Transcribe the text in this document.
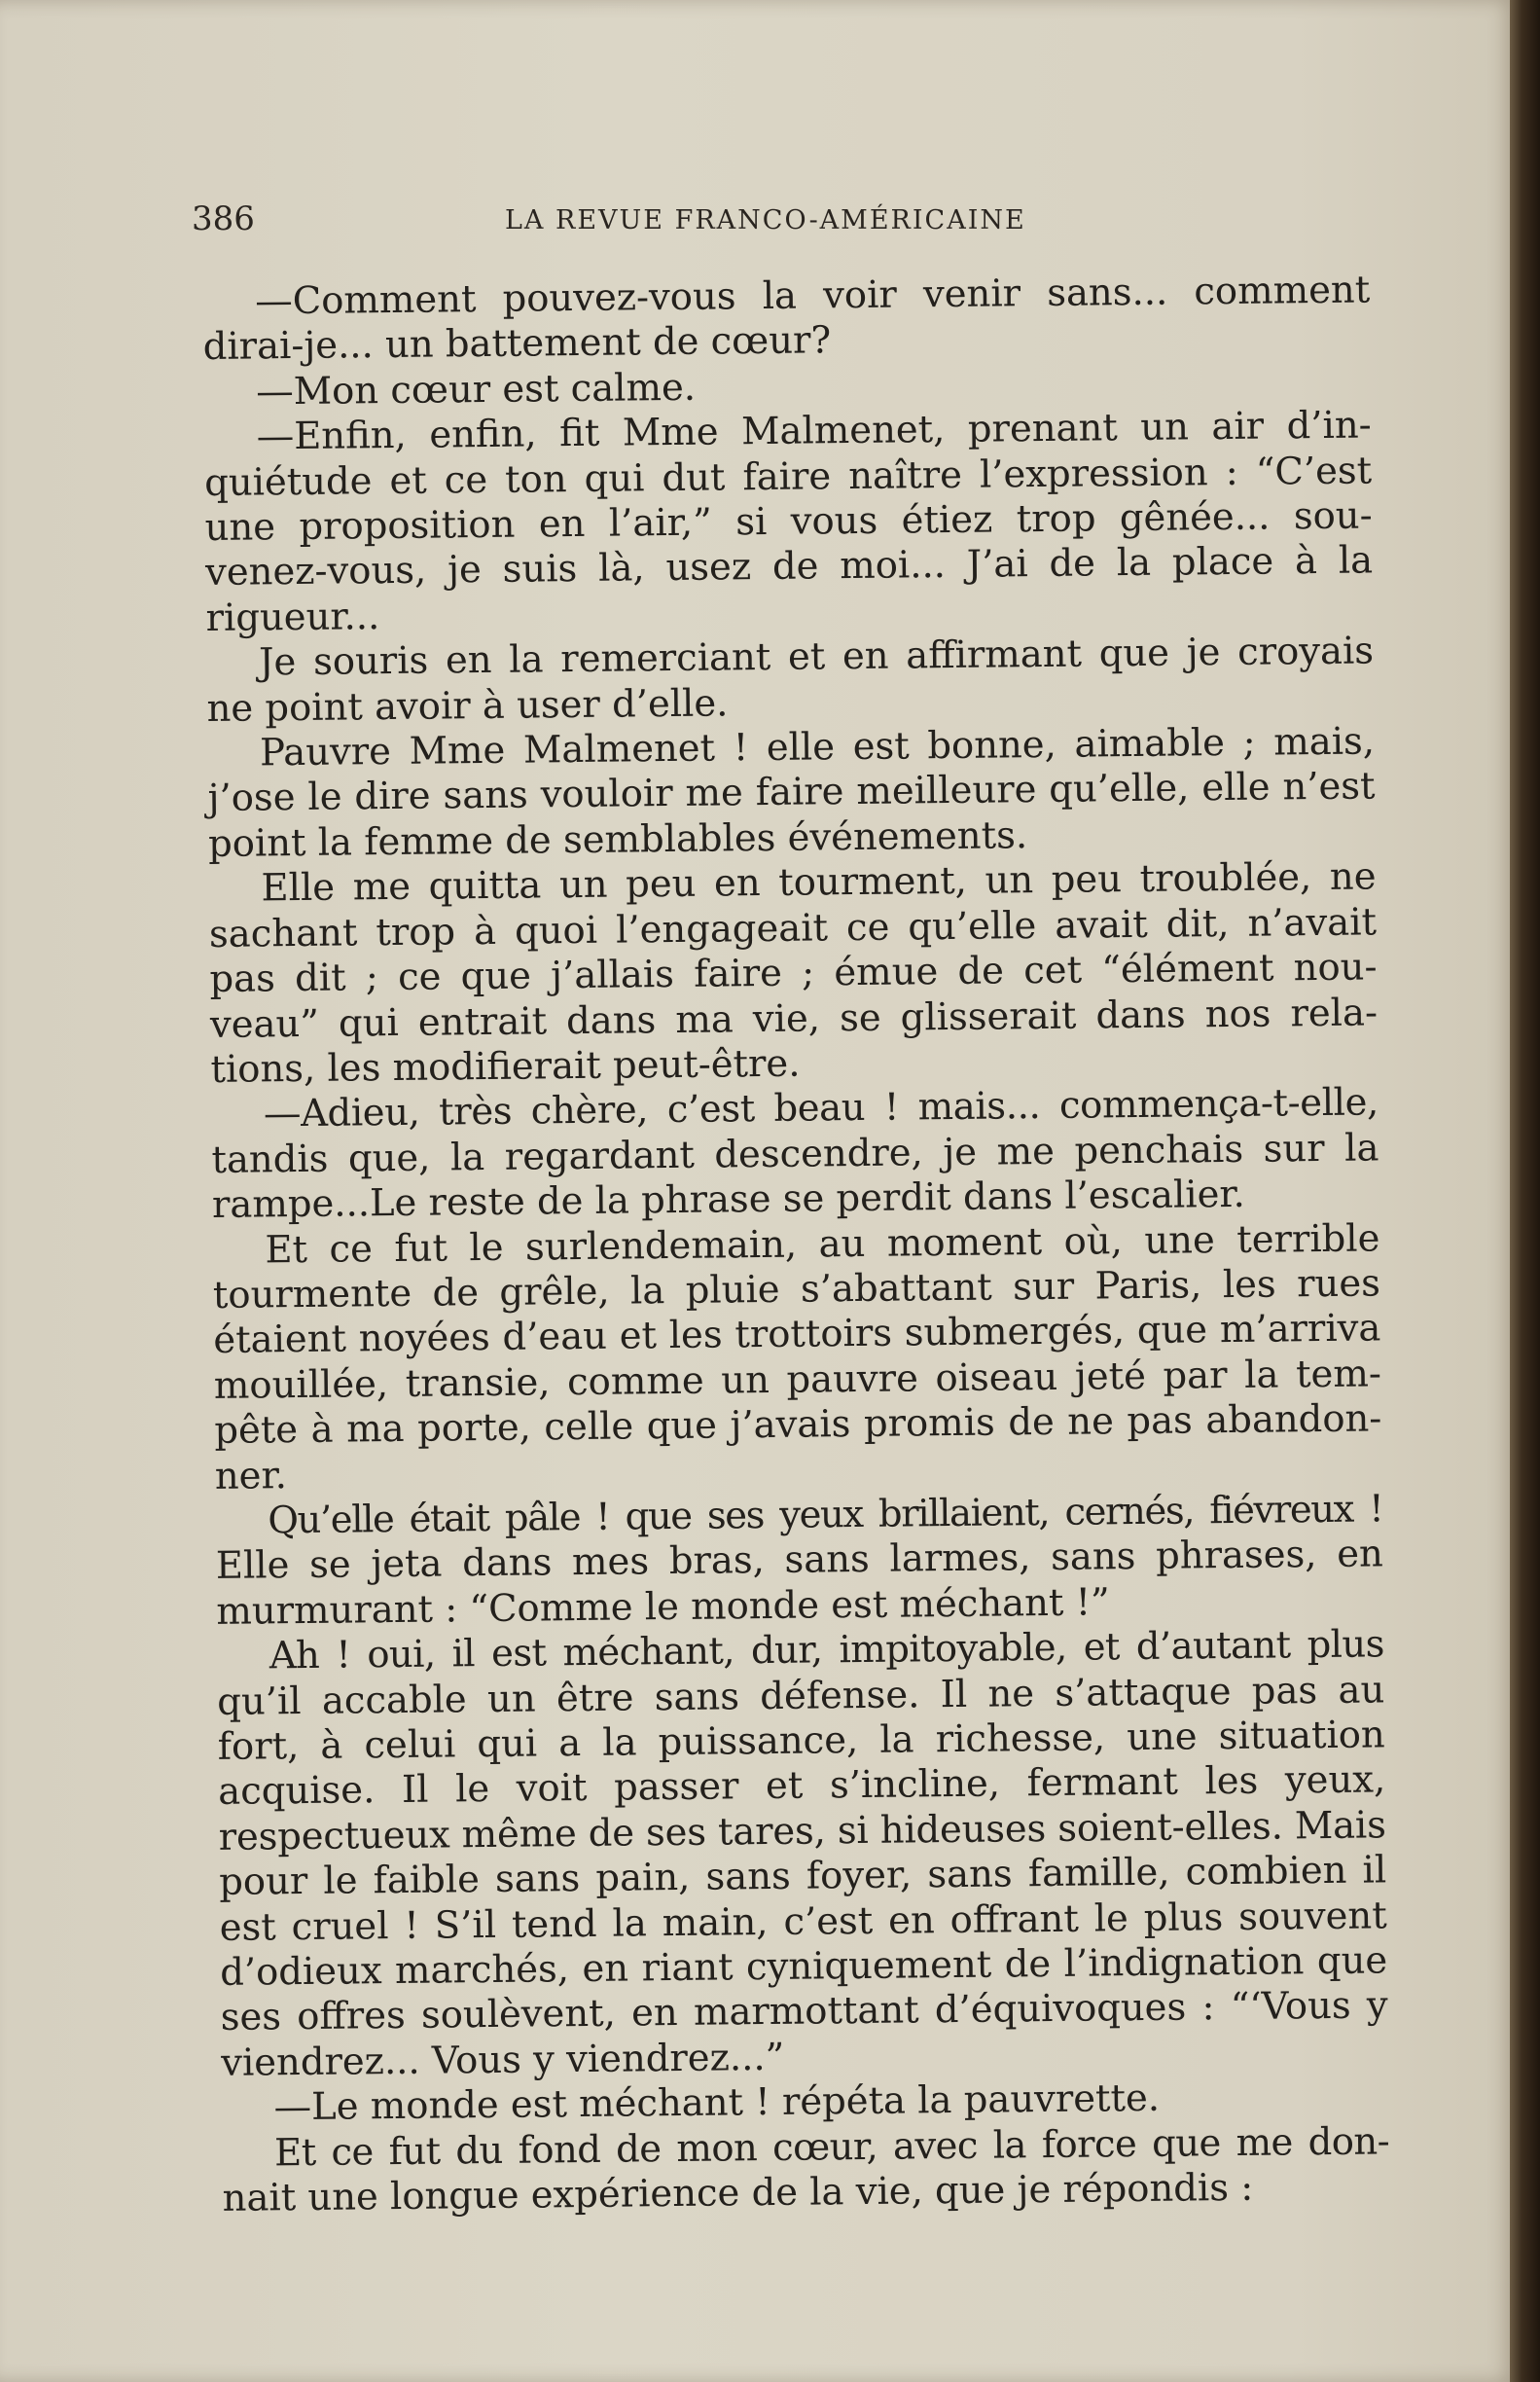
386	LA REVUE FRANCO-AMÉRICAINE

—Comment pouvez-vous la voir venir sans... comment
dirai-je... un battement de cœur?

—Mon cœur est calme.

—Enfin, enfin, fit Mme Malmenet, prenant un air d’in-
quiétude et ce ton qui dut faire naître l’expression : “C’est
une proposition en l’air,” si vous étiez trop gênée... sou-
venez-vous, je suis là, usez de moi... J’ai de la place à la
rigueur...

Je souris en la remerciant et en affirmant que je croyais
ne point avoir à user d’elle.

Pauvre Mme Malmenet ! elle est bonne, aimable ; mais,
j’ose le dire sans vouloir me faire meilleure qu’elle, elle n’est
point la femme de semblables événements.

Elle me quitta un peu en tourment, un peu troublée, ne
sachant trop à quoi l’engageait ce qu’elle avait dit, n’avait
pas dit ; ce que j’allais faire ; émue de cet “élément nou-
veau” qui entrait dans ma vie, se glisserait dans nos rela-
tions, les modifierait peut-être.

—Adieu, très chère, c’est beau ! mais... commença-t-elle,
tandis que, la regardant descendre, je me penchais sur la
rampe...Le reste de la phrase se perdit dans l’escalier.

Et ce fut le surlendemain, au moment où, une terrible
tourmente de grêle, la pluie s’abattant sur Paris, les rues
étaient noyées d’eau et les trottoirs submergés, que m’arriva
mouillée, transie, comme un pauvre oiseau jeté par la tem-
pête à ma porte, celle que j’avais promis de ne pas abandon-
ner.

Qu’elle était pâle ! que ses yeux brillaient, cernés, fiévreux !
Elle se jeta dans mes bras, sans larmes, sans phrases, en
murmurant : “Comme le monde est méchant !”

Ah ! oui, il est méchant, dur, impitoyable, et d’autant plus
qu’il accable un être sans défense. Il ne s’attaque pas au
fort, à celui qui a la puissance, la richesse, une situation
acquise. Il le voit passer et s’incline, fermant les yeux,
respectueux même de ses tares, si hideuses soient-elles. Mais
pour le faible sans pain, sans foyer, sans famille, combien il
est cruel ! S’il tend la main, c’est en offrant le plus souvent
d’odieux marchés, en riant cyniquement de l’indignation que
ses offres soulèvent, en marmottant d’équivoques : “‘Vous y
viendrez... Vous y viendrez...”

—Le monde est méchant ! répéta la pauvrette.

Et ce fut du fond de mon cœur, avec la force que me don-
nait une longue expérience de la vie, que je répondis :
